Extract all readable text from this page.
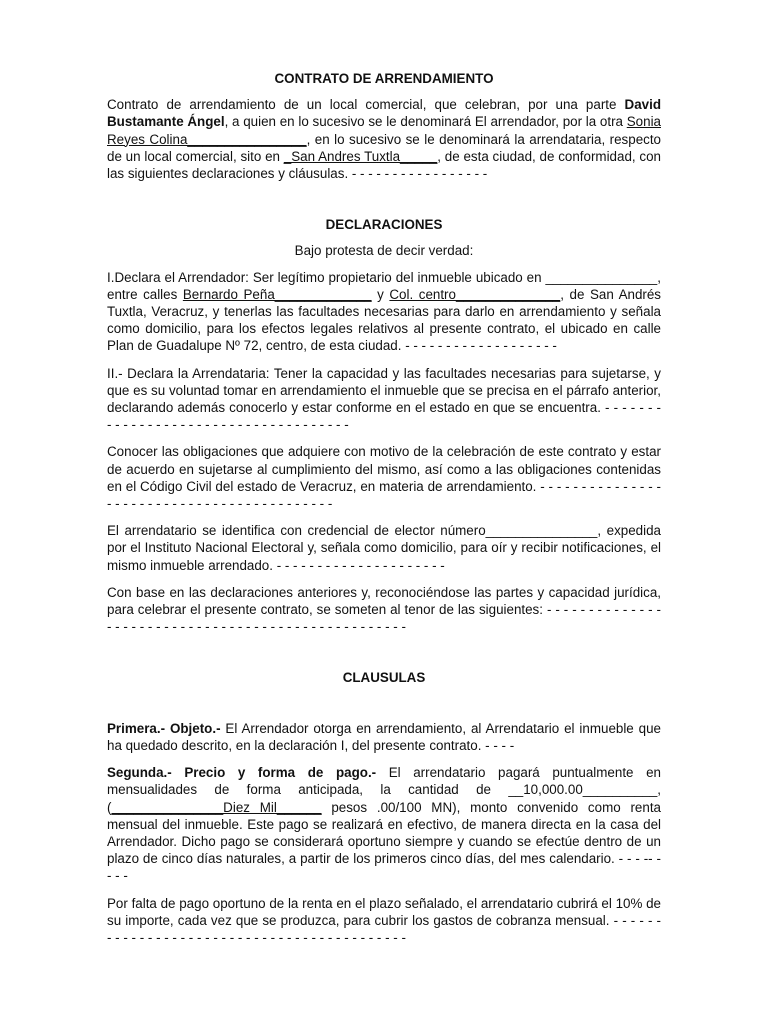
CONTRATO DE ARRENDAMIENTO

Contrato de arrendamiento de un local comercial, que celebran, por una parte David Bustamante Ángel, a quien en lo sucesivo se le denominará El arrendador, por la otra Sonia Reyes Colina________________, en lo sucesivo se le denominará la arrendataria, respecto de un local comercial, sito en _San Andres Tuxtla_____, de esta ciudad, de conformidad, con las siguientes declaraciones y cláusulas. - - - - - - - - - - - - - - - - -

DECLARACIONES

Bajo protesta de decir verdad:

I.Declara el Arrendador: Ser legítimo propietario del inmueble ubicado en _______________, entre calles Bernardo Peña_____________ y Col. centro______________, de San Andrés Tuxtla, Veracruz, y tenerlas las facultades necesarias para darlo en arrendamiento y señala como domicilio, para los efectos legales relativos al presente contrato, el ubicado en calle Plan de Guadalupe Nº 72, centro, de esta ciudad. - - - - - - - - - - - - - - - - - - -

II.- Declara la Arrendataria: Tener la capacidad y las facultades necesarias para sujetarse, y que es su voluntad tomar en arrendamiento el inmueble que se precisa en el párrafo anterior, declarando además conocerlo y estar conforme en el estado en que se encuentra. - - - - - - - - - - - - - - - - - - - - - - - - - - - - - - - - - - - - -

Conocer las obligaciones que adquiere con motivo de la celebración de este contrato y estar de acuerdo en sujetarse al cumplimiento del mismo, así como a las obligaciones contenidas en el Código Civil del estado de Veracruz, en materia de arrendamiento. - - - - - - - - - - - - - - - - - - - - - - - - - - - - - - - - - - - - - - - - - - -

El arrendatario se identifica con credencial de elector número_______________, expedida por el Instituto Nacional Electoral y, señala como domicilio, para oír y recibir notificaciones, el mismo inmueble arrendado. - - - - - - - - - - - - - - - - - - - - -

Con base en las declaraciones anteriores y, reconociéndose las partes y capacidad jurídica, para celebrar el presente contrato, se someten al tenor de las siguientes: - - - - - - - - - - - - - - - - - - - - - - - - - - - - - - - - - - - - - - - - - - - - - - - - - - -

CLAUSULAS

Primera.- Objeto.- El Arrendador otorga en arrendamiento, al Arrendatario el inmueble que ha quedado descrito, en la declaración I, del presente contrato. - - - -

Segunda.- Precio y forma de pago.- El arrendatario pagará puntualmente en mensualidades de forma anticipada, la cantidad de __10,000.00__________, (_______________Diez Mil______ pesos .00/100 MN), monto convenido como renta mensual del inmueble. Este pago se realizará en efectivo, de manera directa en la casa del Arrendador. Dicho pago se considerará oportuno siempre y cuando se efectúe dentro de un plazo de cinco días naturales, a partir de los primeros cinco días, del mes calendario. - - - -- - - - -

Por falta de pago oportuno de la renta en el plazo señalado, el arrendatario cubrirá el 10% de su importe, cada vez que se produzca, para cubrir los gastos de cobranza mensual. - - - - - - - - - - - - - - - - - - - - - - - - - - - - - - - - - - - - - - - - - - -
